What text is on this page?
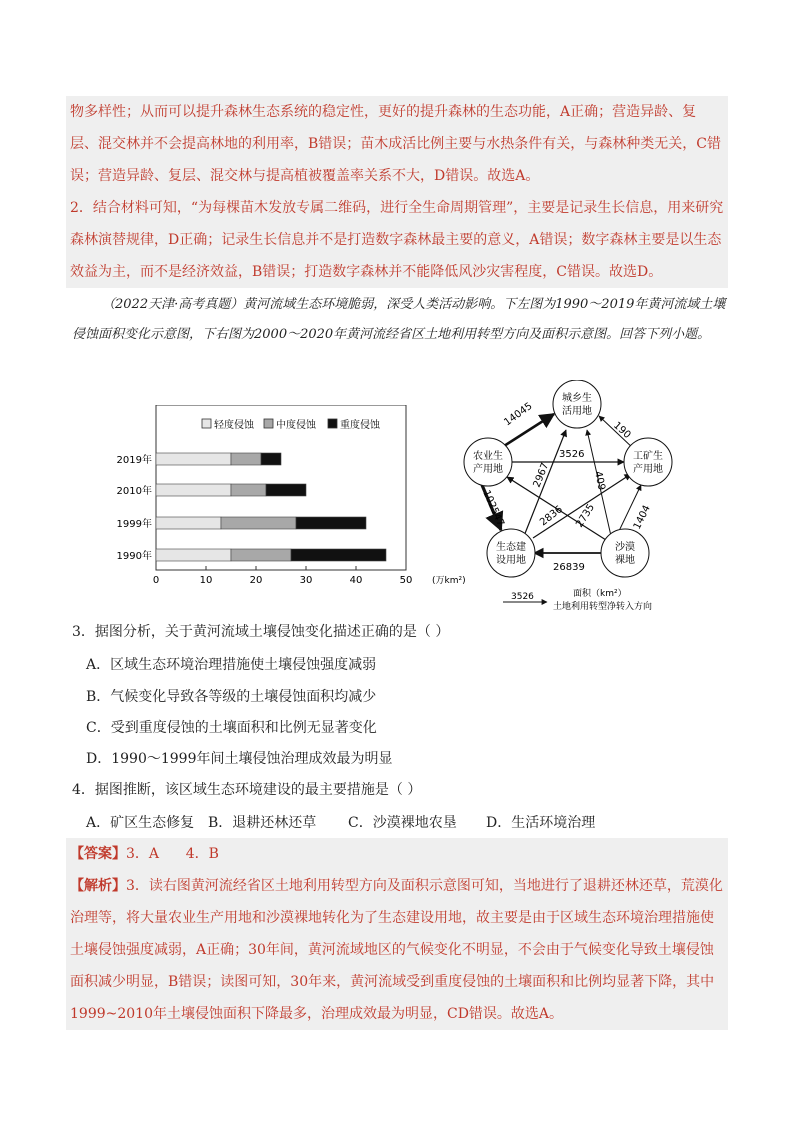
物多样性；从而可以提升森林生态系统的稳定性，更好的提升森林的生态功能，A正确；营造异龄、复层、混交林并不会提高林地的利用率，B错误；苗木成活比例主要与水热条件有关，与森林种类无关，C错误；营造异龄、复层、混交林与提高植被覆盖率关系不大，D错误。故选A。

2．结合材料可知，“为每棵苗木发放专属二维码，进行全生命周期管理”，主要是记录生长信息，用来研究森林演替规律，D正确；记录生长信息并不是打造数字森林最主要的意义，A错误；数字森林主要是以生态效益为主，而不是经济效益，B错误；打造数字森林并不能降低风沙灾害程度，C错误。故选D。

（2022天津·高考真题）黄河流域生态环境脆弱，深受人类活动影响。下左图为1990～2019年黄河流域土壤侵蚀面积变化示意图，下右图为2000～2020年黄河流经省区土地利用转型方向及面积示意图。回答下列小题。
轻度侵蚀 中度侵蚀 重度侵蚀
2019年
2010年
1999年
1990年
0	10	20	30	40	50 (万km²)
14045
190
3526
2967	409
102547	2836 2735	1404
26839
城乡生
活用地
农业生
产用地
工矿生
产用地
生态建
设用地
沙漠
裸地
面积（km²）
3526
土地利用转型净转入方向
3．据图分析，关于黄河流域土壤侵蚀变化描述正确的是（ ）
A．区域生态环境治理措施使土壤侵蚀强度减弱
B．气候变化导致各等级的土壤侵蚀面积均减少
C．受到重度侵蚀的土壤面积和比例无显著变化
D．1990～1999年间土壤侵蚀治理成效最为明显
4．据图推断，该区域生态环境建设的最主要措施是（ ）
A．矿区生态修复 B．退耕还林还草 C．沙漠裸地农垦 D．生活环境治理

【答案】3．A      4．B

【解析】3．读右图黄河流经省区土地利用转型方向及面积示意图可知，当地进行了退耕还林还草，荒漠化治理等，将大量农业生产用地和沙漠裸地转化为了生态建设用地，故主要是由于区域生态环境治理措施使土壤侵蚀强度减弱，A正确；30年间，黄河流域地区的气候变化不明显，不会由于气候变化导致土壤侵蚀面积减少明显，B错误；读图可知，30年来，黄河流域受到重度侵蚀的土壤面积和比例均显著下降，其中1999~2010年土壤侵蚀面积下降最多，治理成效最为明显，CD错误。故选A。
